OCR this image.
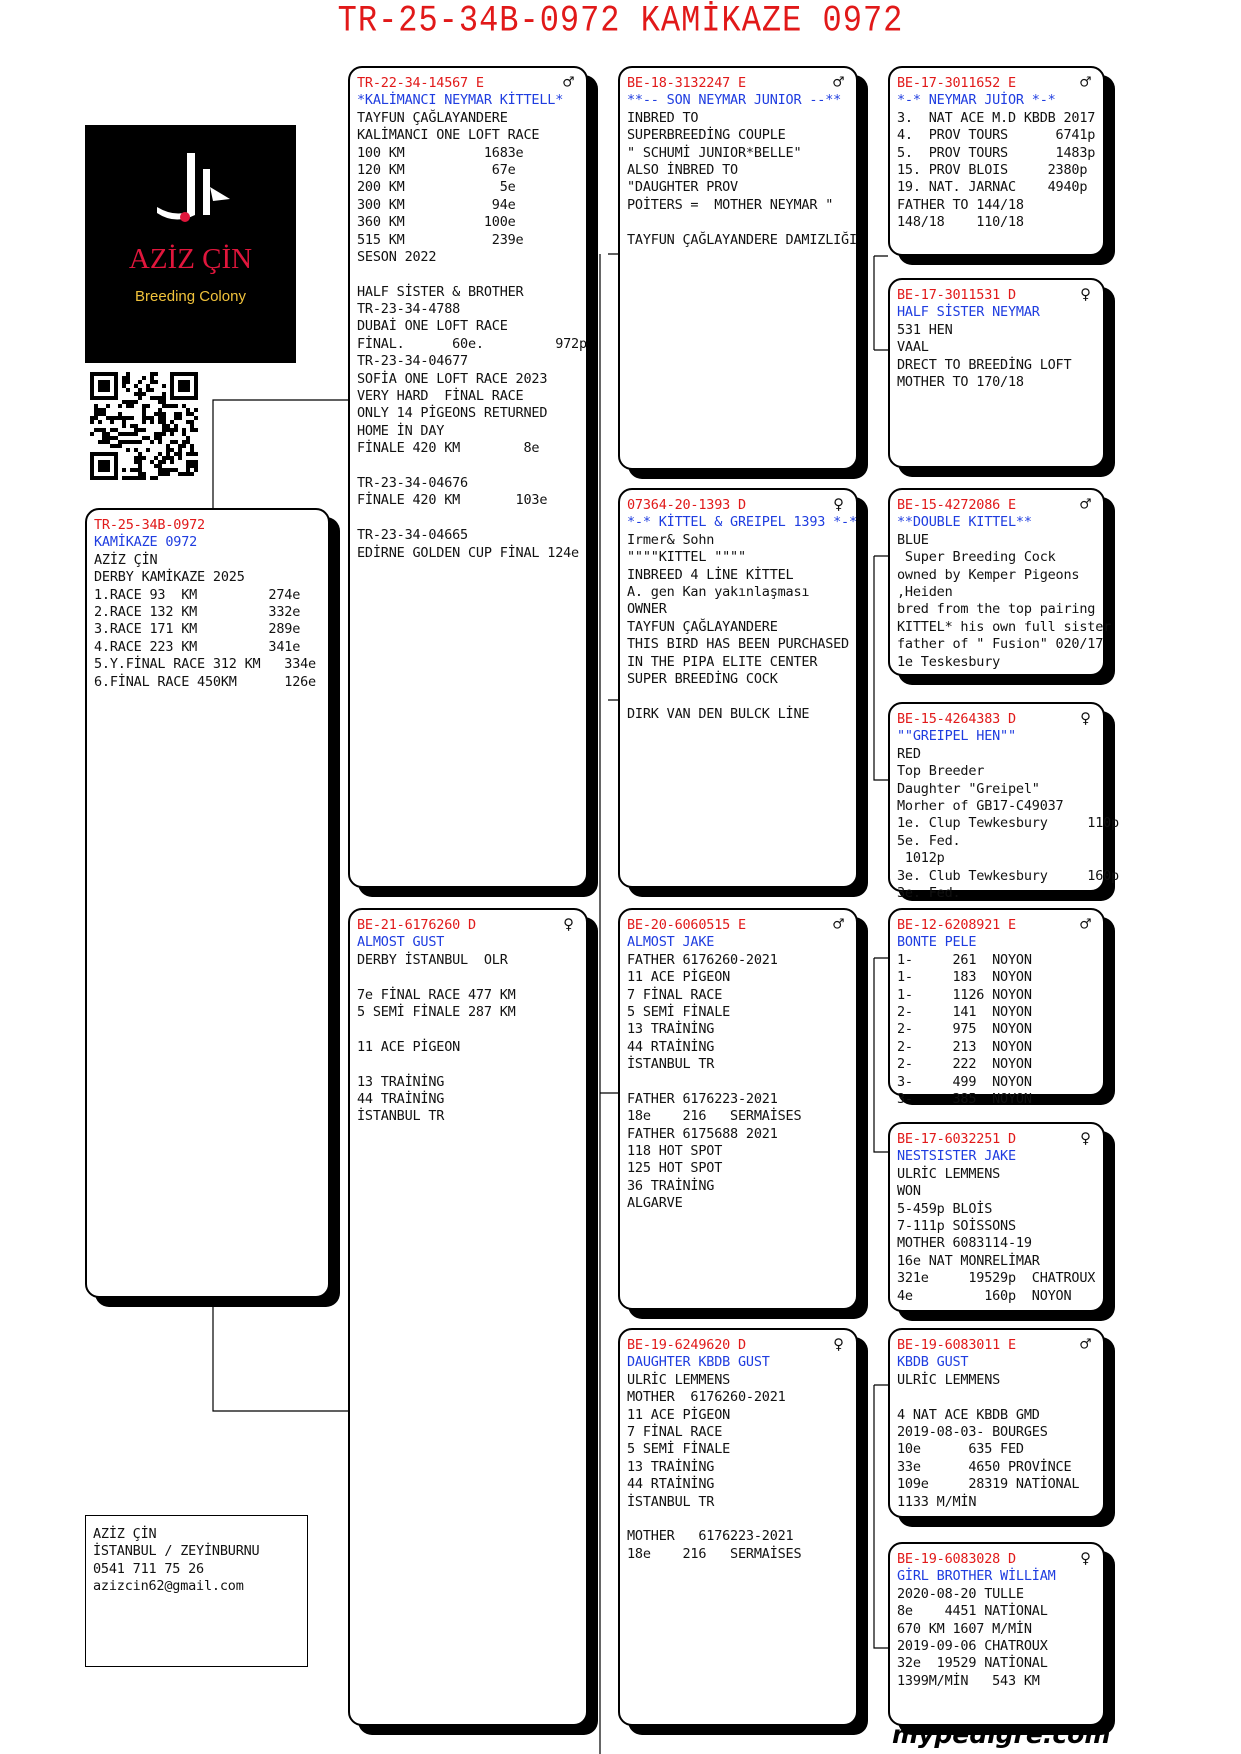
TR-25-34B-0972 KAMİKAZE 0972
AZİZ ÇİN
Breeding Colony
TR-25-34B-0972
KAMİKAZE 0972
AZİZ ÇİN
DERBY KAMİKAZE 2025
1.RACE 93  KM         274e
2.RACE 132 KM         332e
3.RACE 171 KM         289e
4.RACE 223 KM         341e
5.Y.FİNAL RACE 312 KM   334e
6.FİNAL RACE 450KM      126e
♂
TR-22-34-14567 E
*KALİMANCI NEYMAR KİTTELL*
TAYFUN ÇAĞLAYANDERE
KALİMANCI ONE LOFT RACE
100 KM          1683e
120 KM           67e
200 KM            5e
300 KM           94e
360 KM          100e
515 KM           239e
SESON 2022
HALF SİSTER & BROTHER
TR-23-34-4788
DUBAİ ONE LOFT RACE
FİNAL.      60e.         972p
TR-23-34-04677
SOFİA ONE LOFT RACE 2023
VERY HARD  FİNAL RACE
ONLY 14 PİGEONS RETURNED
HOME İN DAY
FİNALE 420 KM        8e
TR-23-34-04676
FİNALE 420 KM       103e
TR-23-34-04665
EDİRNE GOLDEN CUP FİNAL 124e
♀
BE-21-6176260 D
ALMOST GUST
DERBY İSTANBUL  OLR
7e FİNAL RACE 477 KM
5 SEMİ FİNALE 287 KM
11 ACE PİGEON
13 TRAİNİNG
44 TRAİNİNG
İSTANBUL TR
♂
BE-18-3132247 E
**-- SON NEYMAR JUNIOR --**
INBRED TO
SUPERBREEDİNG COUPLE
" SCHUMİ JUNIOR*BELLE"
ALSO İNBRED TO
"DAUGHTER PROV
POİTERS =  MOTHER NEYMAR "
TAYFUN ÇAĞLAYANDERE DAMIZLIĞI
♀
07364-20-1393 D
*-* KİTTEL & GREIPEL 1393 *-*
Irmer& Sohn
""""KITTEL """"
INBREED 4 LİNE KİTTEL
A. gen Kan yakınlaşması
OWNER
TAYFUN ÇAĞLAYANDERE
THIS BIRD HAS BEEN PURCHASED
IN THE PIPA ELITE CENTER
SUPER BREEDİNG COCK
DIRK VAN DEN BULCK LİNE
♂
BE-20-6060515 E
ALMOST JAKE
FATHER 6176260-2021
11 ACE PİGEON
7 FİNAL RACE
5 SEMİ FİNALE
13 TRAİNİNG
44 RTAİNİNG
İSTANBUL TR
FATHER 6176223-2021
18e    216   SERMAİSES
FATHER 6175688 2021
118 HOT SPOT
125 HOT SPOT
36 TRAİNİNG
ALGARVE
♀
BE-19-6249620 D
DAUGHTER KBDB GUST
ULRİC LEMMENS
MOTHER  6176260-2021
11 ACE PİGEON
7 FİNAL RACE
5 SEMİ FİNALE
13 TRAİNİNG
44 RTAİNİNG
İSTANBUL TR
MOTHER   6176223-2021
18e    216   SERMAİSES
♂
BE-17-3011652 E
*-* NEYMAR JUİOR *-*
3.  NAT ACE M.D KBDB 2017
4.  PROV TOURS      6741p
5.  PROV TOURS      1483p
15. PROV BLOIS     2380p
19. NAT. JARNAC    4940p
FATHER TO 144/18
148/18    110/18
♀
BE-17-3011531 D
HALF SİSTER NEYMAR
531 HEN
VAAL
DRECT TO BREEDİNG LOFT
MOTHER TO 170/18
♂
BE-15-4272086 E
**DOUBLE KITTEL**
BLUE
Super Breeding Cock
owned by Kemper Pigeons
,Heiden
bred from the top pairing
KITTEL* his own full sister
father of " Fusion" 020/17
1e Teskesbury
♀
BE-15-4264383 D
""GREIPEL HEN""
RED
Top Breeder
Daughter "Greipel"
Morher of GB17-C49037
1e. Clup Tewkesbury     110p
5e. Fed.
1012p
3e. Club Tewkesbury     160p
3e. Fed.
♂
BE-12-6208921 E
BONTE PELE
1-     261  NOYON
1-     183  NOYON
1-     1126 NOYON
2-     141  NOYON
2-     975  NOYON
2-     213  NOYON
2-     222  NOYON
3-     499  NOYON
3-     385  NOYON
♀
BE-17-6032251 D
NESTSISTER JAKE
ULRİC LEMMENS
WON
5-459p BLOİS
7-111p SOİSSONS
MOTHER 6083114-19
16e NAT MONRELİMAR
321e     19529p  CHATROUX
4e         160p  NOYON
♂
BE-19-6083011 E
KBDB GUST
ULRİC LEMMENS
4 NAT ACE KBDB GMD
2019-08-03- BOURGES
10e      635 FED
33e      4650 PROVİNCE
109e     28319 NATİONAL
1133 M/MİN
♀
BE-19-6083028 D
GİRL BROTHER WİLLİAM
2020-08-20 TULLE
8e    4451 NATİONAL
670 KM 1607 M/MİN
2019-09-06 CHATROUX
32e  19529 NATİONAL
1399M/MİN   543 KM
AZİZ ÇİN
İSTANBUL / ZEYİNBURNU
0541 711 75 26
azizcin62@gmail.com
mypedigre.com
